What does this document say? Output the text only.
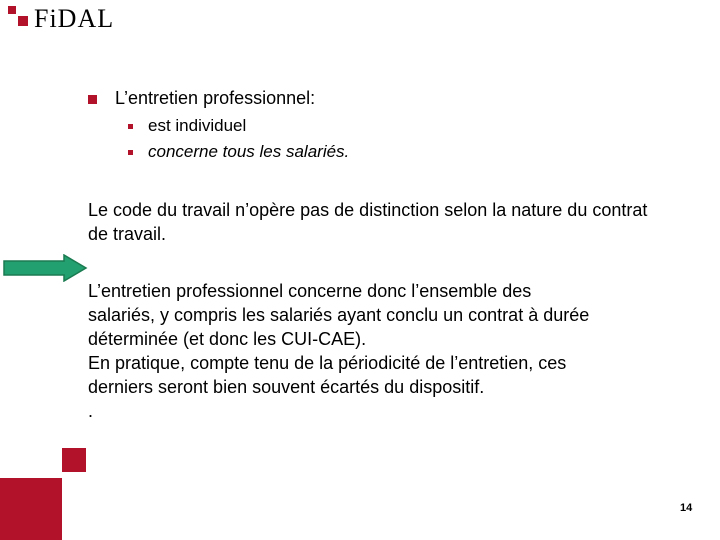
FiDAL
L’entretien professionnel:
est individuel
concerne tous les salariés.

Le code du travail n’opère pas de distinction selon la nature du contrat de travail.

L’entretien professionnel concerne donc l’ensemble des
salariés, y compris les salariés ayant conclu un contrat à durée
déterminée (et donc les CUI-CAE).
En pratique, compte tenu de la périodicité de l’entretien, ces
derniers seront bien souvent écartés du dispositif.
.
14
